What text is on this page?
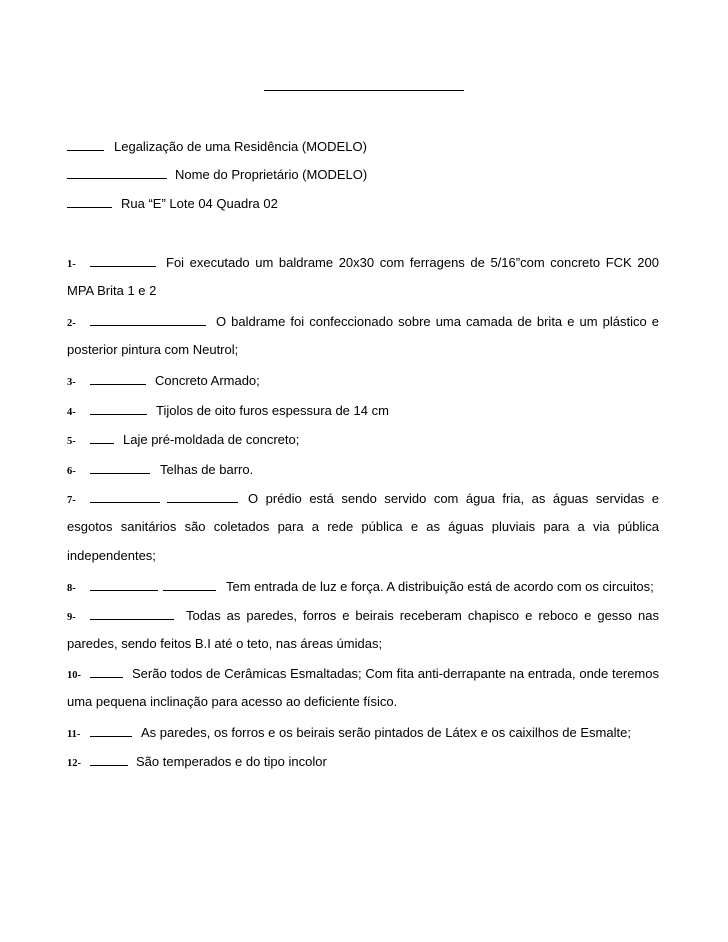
Legalização de uma Residência (MODELO)
Nome do Proprietário (MODELO)
Rua “E” Lote 04 Quadra 02
1-	Foi executado um baldrame 20x30 com ferragens de 5/16”com concreto FCK 200
MPA Brita 1 e 2
2-	O baldrame foi confeccionado sobre uma camada de brita e um plástico e
posterior pintura com Neutrol;
3-	Concreto Armado;
4-	Tijolos de oito furos espessura de 14 cm
5-	Laje pré-moldada de concreto;
6-	Telhas de barro.
7-	O prédio está sendo servido com água fria, as águas servidas e
esgotos sanitários são coletados para a rede pública e as águas pluviais para a via pública
independentes;
8-	Tem entrada de luz e força. A distribuição está de acordo com os circuitos;
9-	Todas as paredes, forros e beirais receberam chapisco e reboco e gesso nas
paredes, sendo feitos B.I até o teto, nas áreas úmidas;
10-	Serão todos de Cerâmicas Esmaltadas; Com fita anti-derrapante na entrada, onde teremos
uma pequena inclinação para acesso ao deficiente físico.
11-	As paredes, os forros e os beirais serão pintados de Látex e os caixilhos de Esmalte;
12-	São temperados e do tipo incolor
